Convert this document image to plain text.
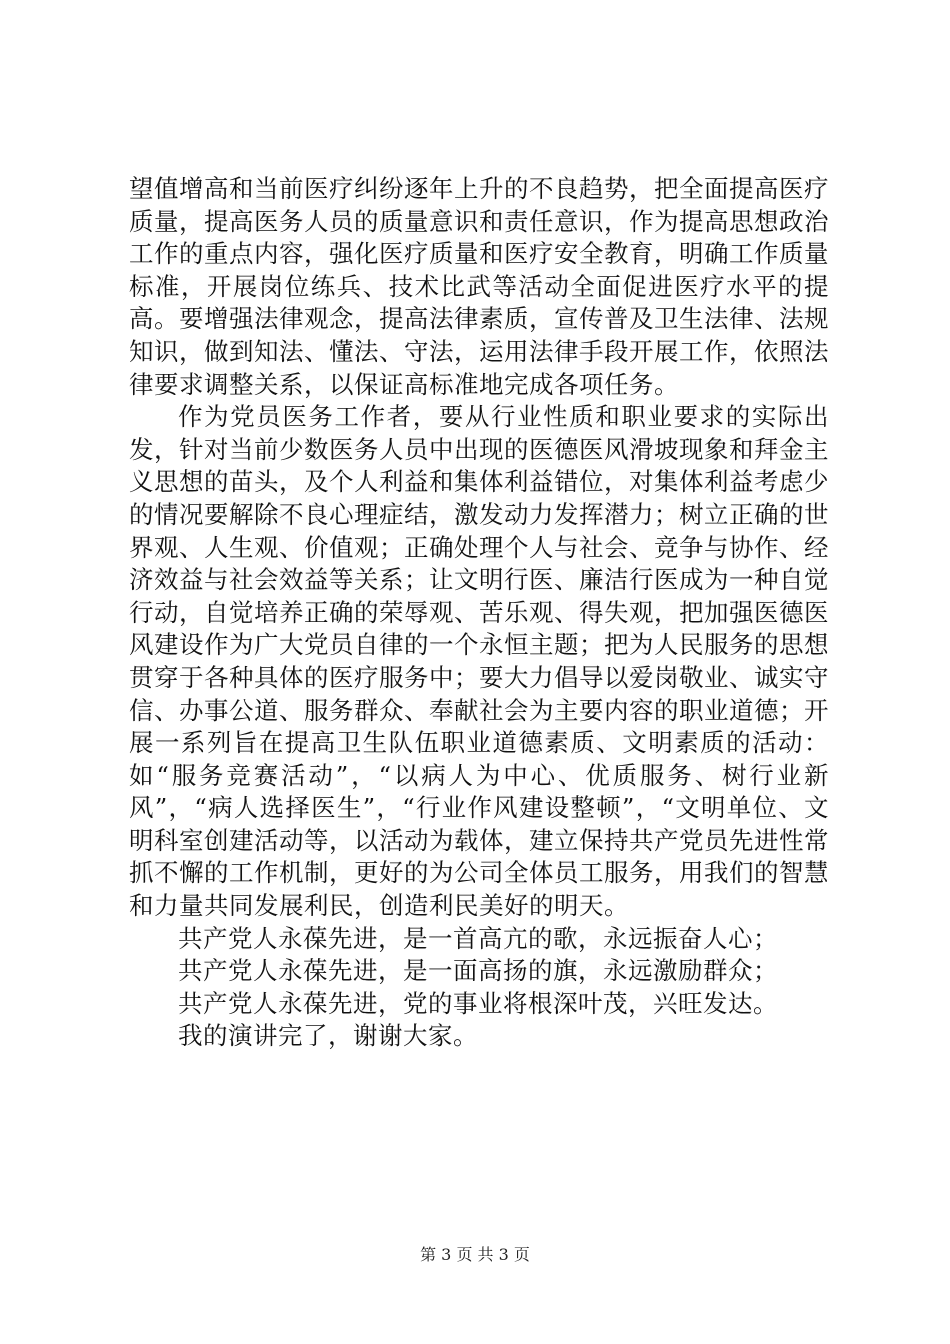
望值增高和当前医疗纠纷逐年上升的不良趋势，把全面提高医疗质量，提高医务人员的质量意识和责任意识，作为提高思想政治工作的重点内容，强化医疗质量和医疗安全教育，明确工作质量标准，开展岗位练兵、技术比武等活动全面促进医疗水平的提高。要增强法律观念，提高法律素质，宣传普及卫生法律、法规知识，做到知法、懂法、守法，运用法律手段开展工作，依照法律要求调整关系，以保证高标准地完成各项任务。

作为党员医务工作者，要从行业性质和职业要求的实际出发，针对当前少数医务人员中出现的医德医风滑坡现象和拜金主义思想的苗头，及个人利益和集体利益错位，对集体利益考虑少的情况要解除不良心理症结，激发动力发挥潜力；树立正确的世界观、人生观、价值观；正确处理个人与社会、竞争与协作、经济效益与社会效益等关系；让文明行医、廉洁行医成为一种自觉行动，自觉培养正确的荣辱观、苦乐观、得失观，把加强医德医风建设作为广大党员自律的一个永恒主题；把为人民服务的思想贯穿于各种具体的医疗服务中；要大力倡导以爱岗敬业、诚实守信、办事公道、服务群众、奉献社会为主要内容的职业道德；开展一系列旨在提高卫生队伍职业道德素质、文明素质的活动：如“服务竞赛活动”，“以病人为中心、优质服务、树行业新风”，“病人选择医生”，“行业作风建设整顿”，“文明单位、文明科室创建活动等，以活动为载体，建立保持共产党员先进性常抓不懈的工作机制，更好的为公司全体员工服务，用我们的智慧和力量共同发展利民，创造利民美好的明天。

共产党人永葆先进，是一首高亢的歌，永远振奋人心；

共产党人永葆先进，是一面高扬的旗，永远激励群众；

共产党人永葆先进，党的事业将根深叶茂，兴旺发达。

我的演讲完了，谢谢大家。

第 3 页 共 3 页
